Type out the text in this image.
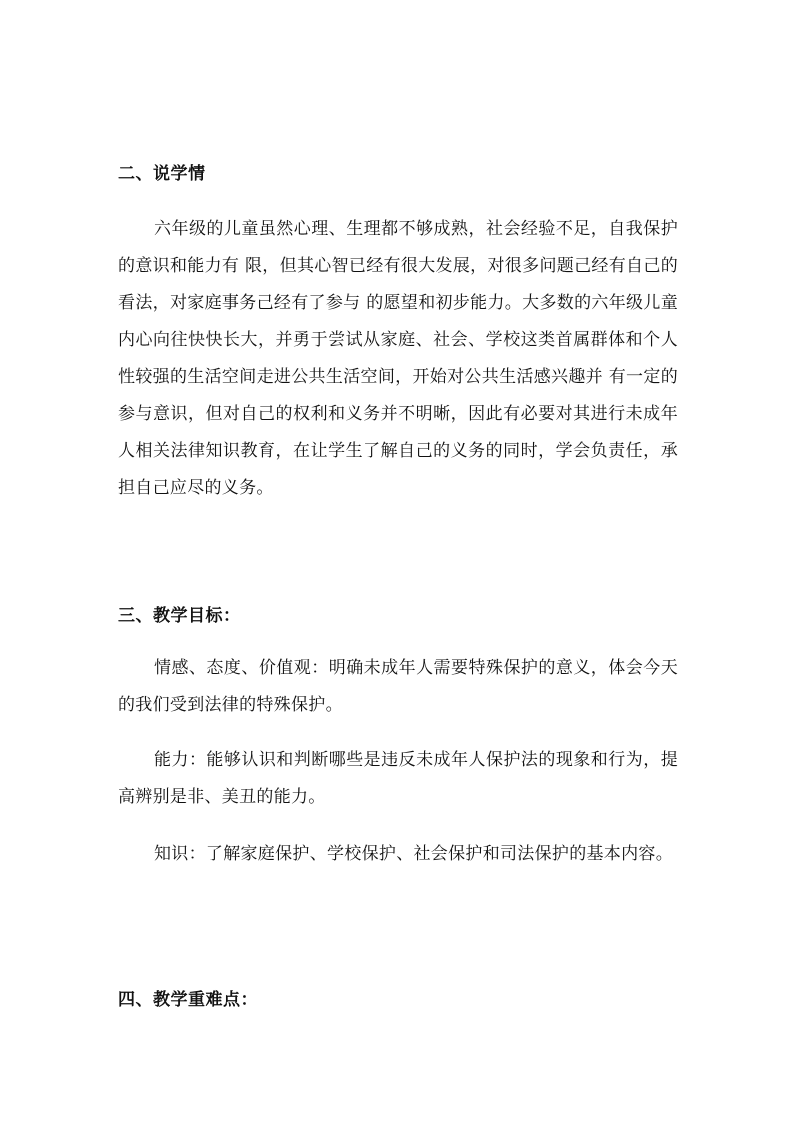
二、说学情

六年级的儿童虽然心理、生理都不够成熟，社会经验不足，自我保护的意识和能力有 限，但其心智已经有很大发展，对很多问题己经有自己的看法，对家庭事务己经有了参与 的愿望和初步能力。大多数的六年级儿童内心向往快快长大，并勇于尝试从家庭、社会、学校这类首属群体和个人性较强的生活空间走进公共生活空间，开始对公共生活感兴趣并 有一定的参与意识，但对自己的权利和义务并不明晰，因此有必要对其进行未成年人相关法律知识教育，在让学生了解自己的义务的同时，学会负责任，承担自己应尽的义务。

三、教学目标：

情感、态度、价值观：明确未成年人需要特殊保护的意义，体会今天的我们受到法律的特殊保护。

能力：能够认识和判断哪些是违反未成年人保护法的现象和行为，提高辨别是非、美丑的能力。

知识：了解家庭保护、学校保护、社会保护和司法保护的基本内容。

四、教学重难点：
